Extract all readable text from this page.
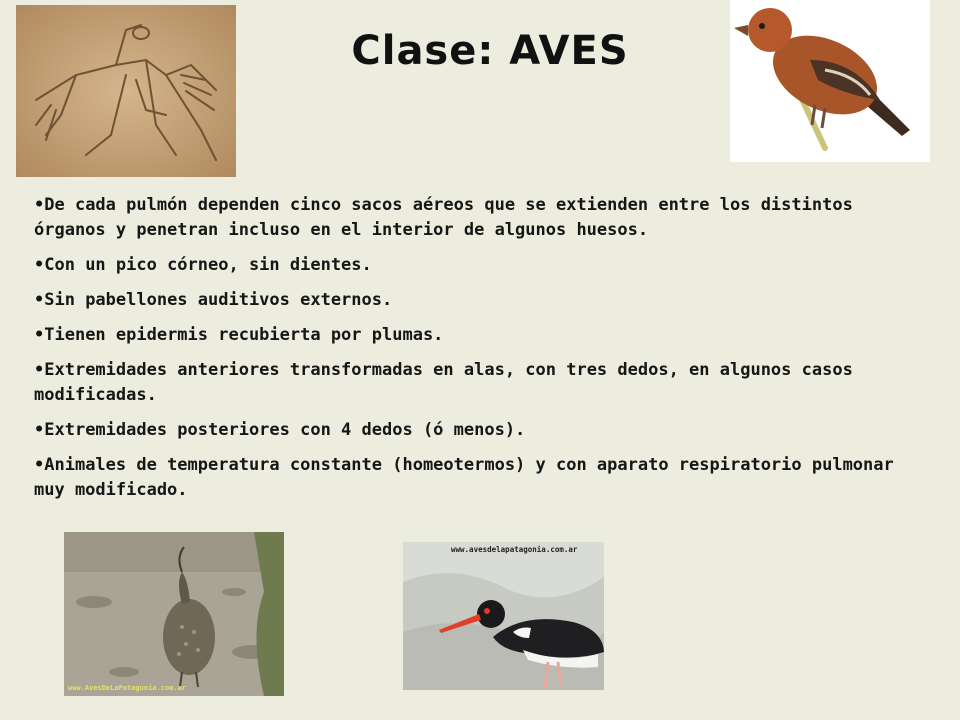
Clase: AVES
•De cada pulmón dependen cinco sacos aéreos que se extienden entre los distintos órganos y penetran incluso en el interior de algunos huesos.
•Con un pico córneo, sin dientes.
•Sin pabellones auditivos externos.
•Tienen epidermis recubierta por plumas.
•Extremidades anteriores transformadas en alas, con tres dedos, en algunos casos modificadas.
•Extremidades posteriores con 4 dedos (ó menos).
•Animales de temperatura constante (homeotermos) y con aparato respiratorio pulmonar muy modificado.
www.AvesDeLaPatagonia.com.ar
www.avesdelapatagonia.com.ar
